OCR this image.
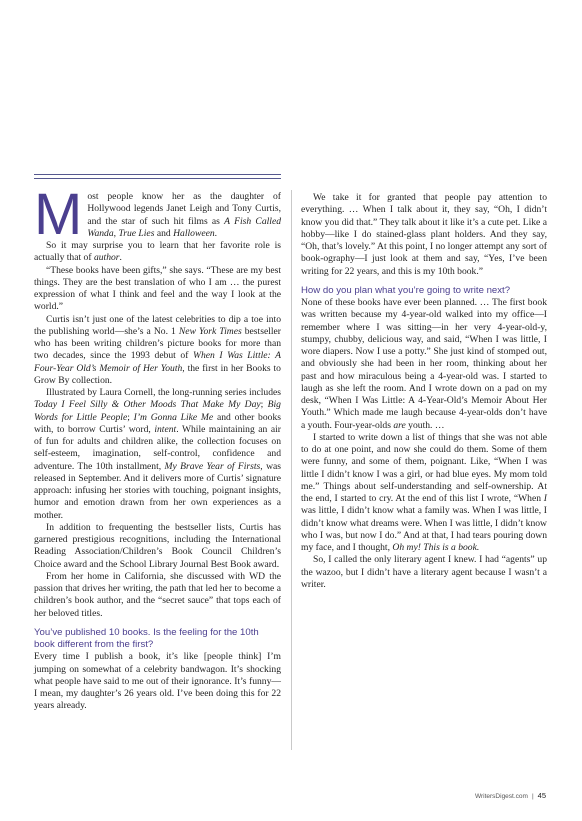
Most people know her as the daughter of Hollywood legends Janet Leigh and Tony Curtis, and the star of such hit films as A Fish Called Wanda, True Lies and Halloween.

So it may surprise you to learn that her favorite role is actually that of author.

“These books have been gifts,” she says. “These are my best things. They are the best translation of who I am … the purest expression of what I think and feel and the way I look at the world.”

Curtis isn’t just one of the latest celebrities to dip a toe into the publishing world—she’s a No. 1 New York Times bestseller who has been writing children’s picture books for more than two decades, since the 1993 debut of When I Was Little: A Four-Year Old’s Memoir of Her Youth, the first in her Books to Grow By collection.

Illustrated by Laura Cornell, the long-running series includes Today I Feel Silly & Other Moods That Make My Day; Big Words for Little People; I’m Gonna Like Me and other books with, to borrow Curtis’ word, intent. While maintaining an air of fun for adults and children alike, the collection focuses on self-esteem, imagination, self-control, confidence and adventure. The 10th installment, My Brave Year of Firsts, was released in September. And it delivers more of Curtis’ signature approach: infusing her stories with touching, poignant insights, humor and emotion drawn from her own experiences as a mother.

In addition to frequenting the bestseller lists, Curtis has garnered prestigious recognitions, including the International Reading Association/Children’s Book Council Children’s Choice award and the School Library Journal Best Book award.

From her home in California, she discussed with WD the passion that drives her writing, the path that led her to become a children’s book author, and the “secret sauce” that tops each of her beloved titles.

You’ve published 10 books. Is the feeling for the 10th book different from the first?

Every time I publish a book, it’s like [people think] I’m jumping on somewhat of a celebrity bandwagon. It’s shocking what people have said to me out of their ignorance. It’s funny—I mean, my daughter’s 26 years old. I’ve been doing this for 22 years already.

We take it for granted that people pay attention to everything. … When I talk about it, they say, “Oh, I didn’t know you did that.” They talk about it like it’s a cute pet. Like a hobby—like I do stained-glass plant holders. And they say, “Oh, that’s lovely.” At this point, I no longer attempt any sort of book-ography—I just look at them and say, “Yes, I’ve been writing for 22 years, and this is my 10th book.”

How do you plan what you’re going to write next?

None of these books have ever been planned. … The first book was written because my 4-year-old walked into my office—I remember where I was sitting—in her very 4-year-old-y, stumpy, chubby, delicious way, and said, “When I was little, I wore diapers. Now I use a potty.” She just kind of stomped out, and obviously she had been in her room, thinking about her past and how miraculous being a 4-year-old was. I started to laugh as she left the room. And I wrote down on a pad on my desk, “When I Was Little: A 4-Year-Old’s Memoir About Her Youth.” Which made me laugh because 4-year-olds don’t have a youth. Four-year-olds are youth. …

I started to write down a list of things that she was not able to do at one point, and now she could do them. Some of them were funny, and some of them, poignant. Like, “When I was little I didn’t know I was a girl, or had blue eyes. My mom told me.” Things about self-understanding and self-ownership. At the end, I started to cry. At the end of this list I wrote, “When I was little, I didn’t know what a family was. When I was little, I didn’t know what dreams were. When I was little, I didn’t know who I was, but now I do.” And at that, I had tears pouring down my face, and I thought, Oh my! This is a book.

So, I called the only literary agent I knew. I had “agents” up the wazoo, but I didn’t have a literary agent because I wasn’t a writer.

WritersDigest.com | 45
